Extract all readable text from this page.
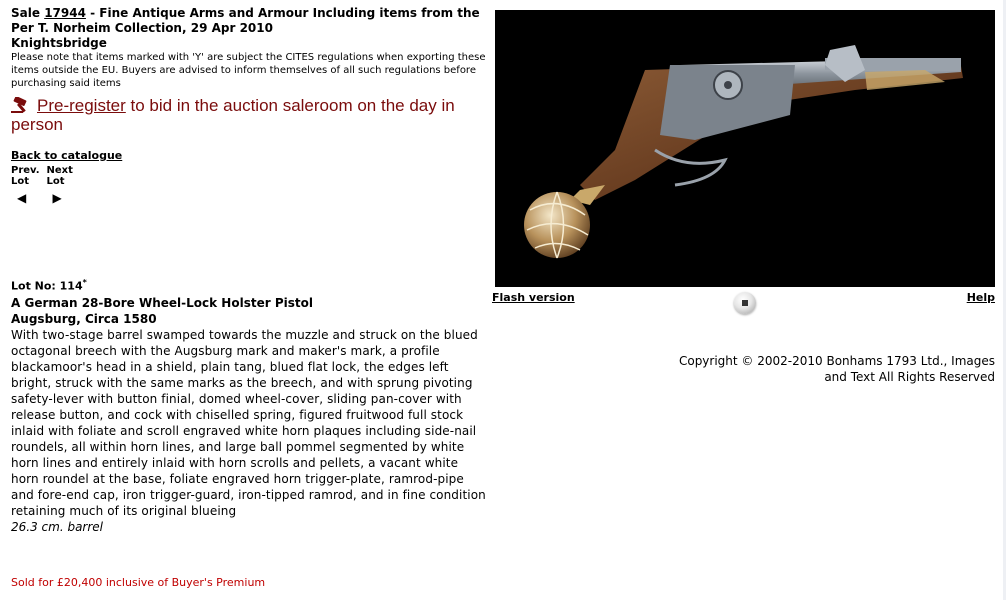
Sale 17944 - Fine Antique Arms and Armour Including items from the Per T. Norheim Collection, 29 Apr 2010
Knightsbridge
Please note that items marked with 'Y' are subject the CITES regulations when exporting these items outside the EU. Buyers are advised to inform themselves of all such regulations before purchasing said items
Pre-register to bid in the auction saleroom on the day in person
Back to catalogue
Prev.
Lot
◀

Next
Lot
▶
Lot No: 114*
A German 28-Bore Wheel-Lock Holster Pistol
Augsburg, Circa 1580
With two-stage barrel swamped towards the muzzle and struck on the blued octagonal breech with the Augsburg mark and maker's mark, a profile blackamoor's head in a shield, plain tang, blued flat lock, the edges left bright, struck with the same marks as the breech, and with sprung pivoting safety-lever with button finial, domed wheel-cover, sliding pan-cover with release button, and cock with chiselled spring, figured fruitwood full stock inlaid with foliate and scroll engraved white horn plaques including side-nail roundels, all within horn lines, and large ball pommel segmented by white horn lines and entirely inlaid with horn scrolls and pellets, a vacant white horn roundel at the base, foliate engraved horn trigger-plate, ramrod-pipe and fore-end cap, iron trigger-guard, iron-tipped ramrod, and in fine condition retaining much of its original blueing
26.3 cm. barrel
Sold for £20,400 inclusive of Buyer's Premium
Flash version	Help
Copyright © 2002-2010 Bonhams 1793 Ltd., Images and Text All Rights Reserved
